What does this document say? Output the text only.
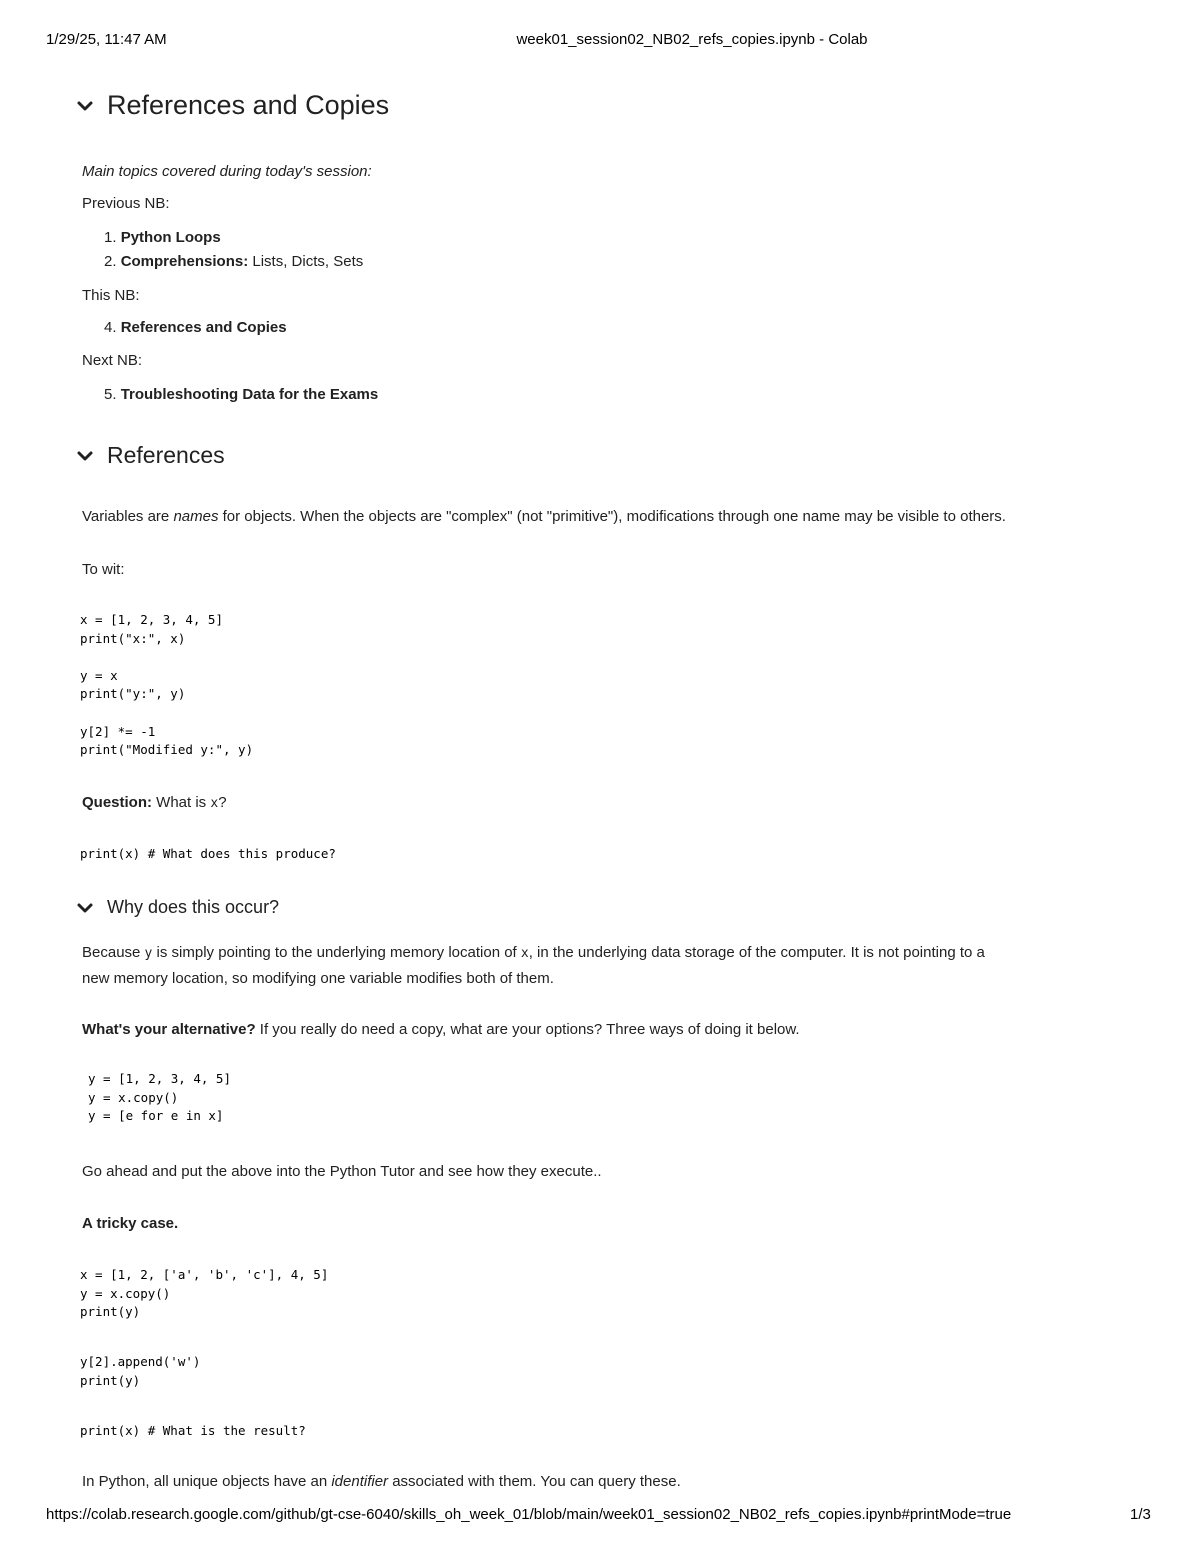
1/29/25, 11:47 AM	week01_session02_NB02_refs_copies.ipynb - Colab
References and Copies
Main topics covered during today's session:
Previous NB:
1. Python Loops
2. Comprehensions: Lists, Dicts, Sets
This NB:
4. References and Copies
Next NB:
5. Troubleshooting Data for the Exams
References
Variables are names for objects. When the objects are "complex" (not "primitive"), modifications through one name may be visible to others.
To wit:
x = [1, 2, 3, 4, 5]
print("x:", x)

y = x
print("y:", y)

y[2] *= -1
print("Modified y:", y)
Question: What is x?
print(x) # What does this produce?
Why does this occur?
Because y is simply pointing to the underlying memory location of x, in the underlying data storage of the computer. It is not pointing to a
new memory location, so modifying one variable modifies both of them.
What's your alternative? If you really do need a copy, what are your options? Three ways of doing it below.
y = [1, 2, 3, 4, 5]
y = x.copy()
y = [e for e in x]
Go ahead and put the above into the Python Tutor and see how they execute..
A tricky case.
x = [1, 2, ['a', 'b', 'c'], 4, 5]
y = x.copy()
print(y)
y[2].append('w')
print(y)
print(x) # What is the result?
In Python, all unique objects have an identifier associated with them. You can query these.
https://colab.research.google.com/github/gt-cse-6040/skills_oh_week_01/blob/main/week01_session02_NB02_refs_copies.ipynb#printMode=true	1/3
